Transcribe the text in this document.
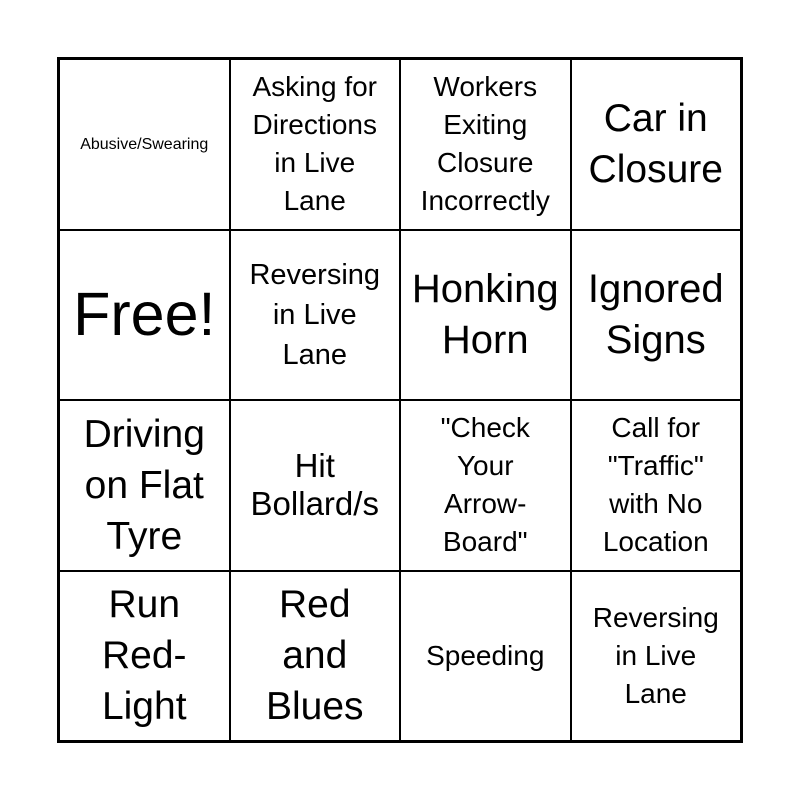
Abusive/Swearing
Asking for
Directions
in Live
Lane
Workers
Exiting
Closure
Incorrectly
Car in
Closure
Free!
Reversing
in Live
Lane
Honking
Horn
Ignored
Signs
Driving
on Flat
Tyre
Hit
Bollard/s
"Check
Your
Arrow-
Board"
Call for
"Traffic"
with No
Location
Run
Red-
Light
Red
and
Blues
Speeding
Reversing
in Live
Lane
